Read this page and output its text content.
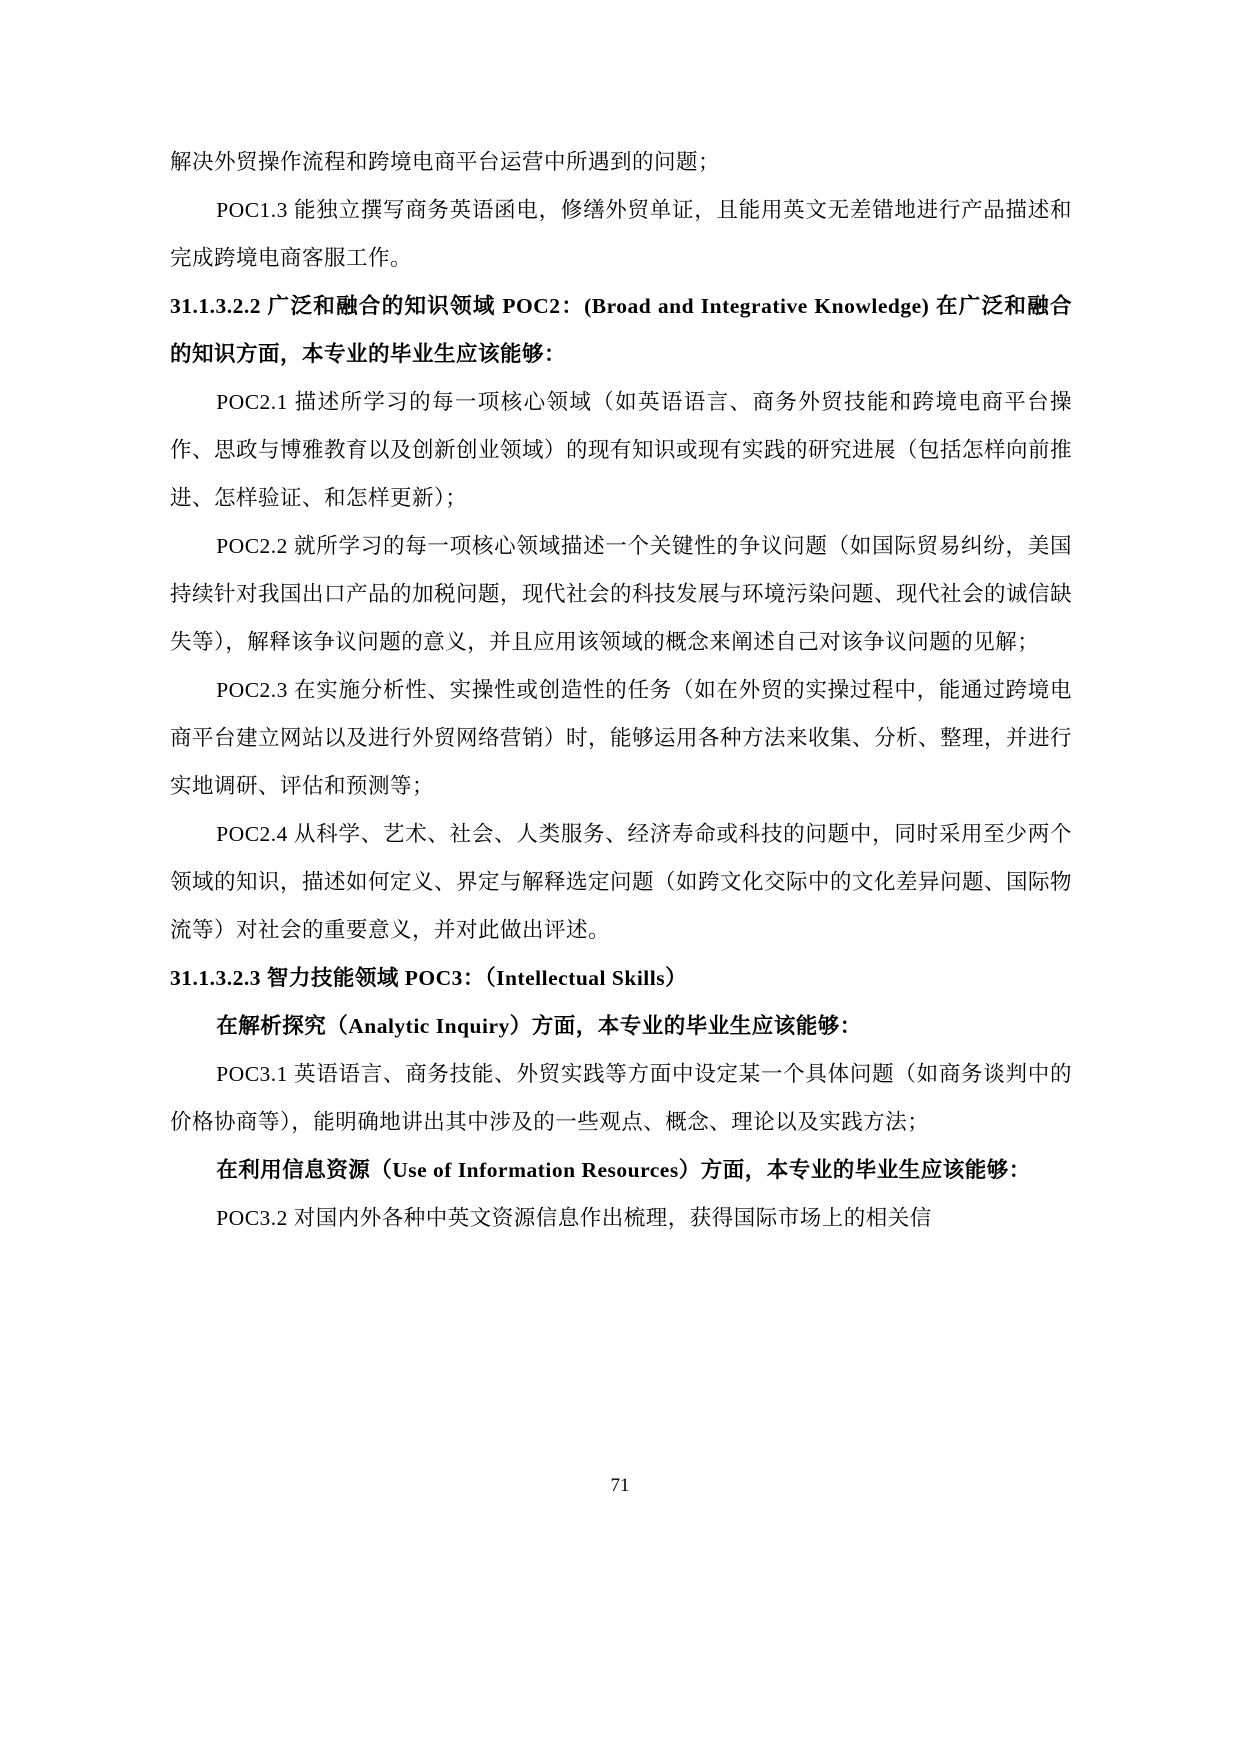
解决外贸操作流程和跨境电商平台运营中所遇到的问题；

POC1.3 能独立撰写商务英语函电，修缮外贸单证，且能用英文无差错地进行产品描述和完成跨境电商客服工作。

31.1.3.2.2 广泛和融合的知识领域 POC2：(Broad and Integrative Knowledge) 在广泛和融合的知识方面，本专业的毕业生应该能够：

POC2.1 描述所学习的每一项核心领域（如英语语言、商务外贸技能和跨境电商平台操作、思政与博雅教育以及创新创业领域）的现有知识或现有实践的研究进展（包括怎样向前推进、怎样验证、和怎样更新）；

POC2.2 就所学习的每一项核心领域描述一个关键性的争议问题（如国际贸易纠纷，美国持续针对我国出口产品的加税问题，现代社会的科技发展与环境污染问题、现代社会的诚信缺失等），解释该争议问题的意义，并且应用该领域的概念来阐述自己对该争议问题的见解；

POC2.3 在实施分析性、实操性或创造性的任务（如在外贸的实操过程中，能通过跨境电商平台建立网站以及进行外贸网络营销）时，能够运用各种方法来收集、分析、整理，并进行实地调研、评估和预测等；

POC2.4 从科学、艺术、社会、人类服务、经济寿命或科技的问题中，同时采用至少两个领域的知识，描述如何定义、界定与解释选定问题（如跨文化交际中的文化差异问题、国际物流等）对社会的重要意义，并对此做出评述。

31.1.3.2.3 智力技能领域 POC3：（Intellectual Skills）

在解析探究（Analytic Inquiry）方面，本专业的毕业生应该能够：

POC3.1 英语语言、商务技能、外贸实践等方面中设定某一个具体问题（如商务谈判中的价格协商等），能明确地讲出其中涉及的一些观点、概念、理论以及实践方法；

在利用信息资源（Use of Information Resources）方面，本专业的毕业生应该能够：

POC3.2 对国内外各种中英文资源信息作出梳理，获得国际市场上的相关信

71
